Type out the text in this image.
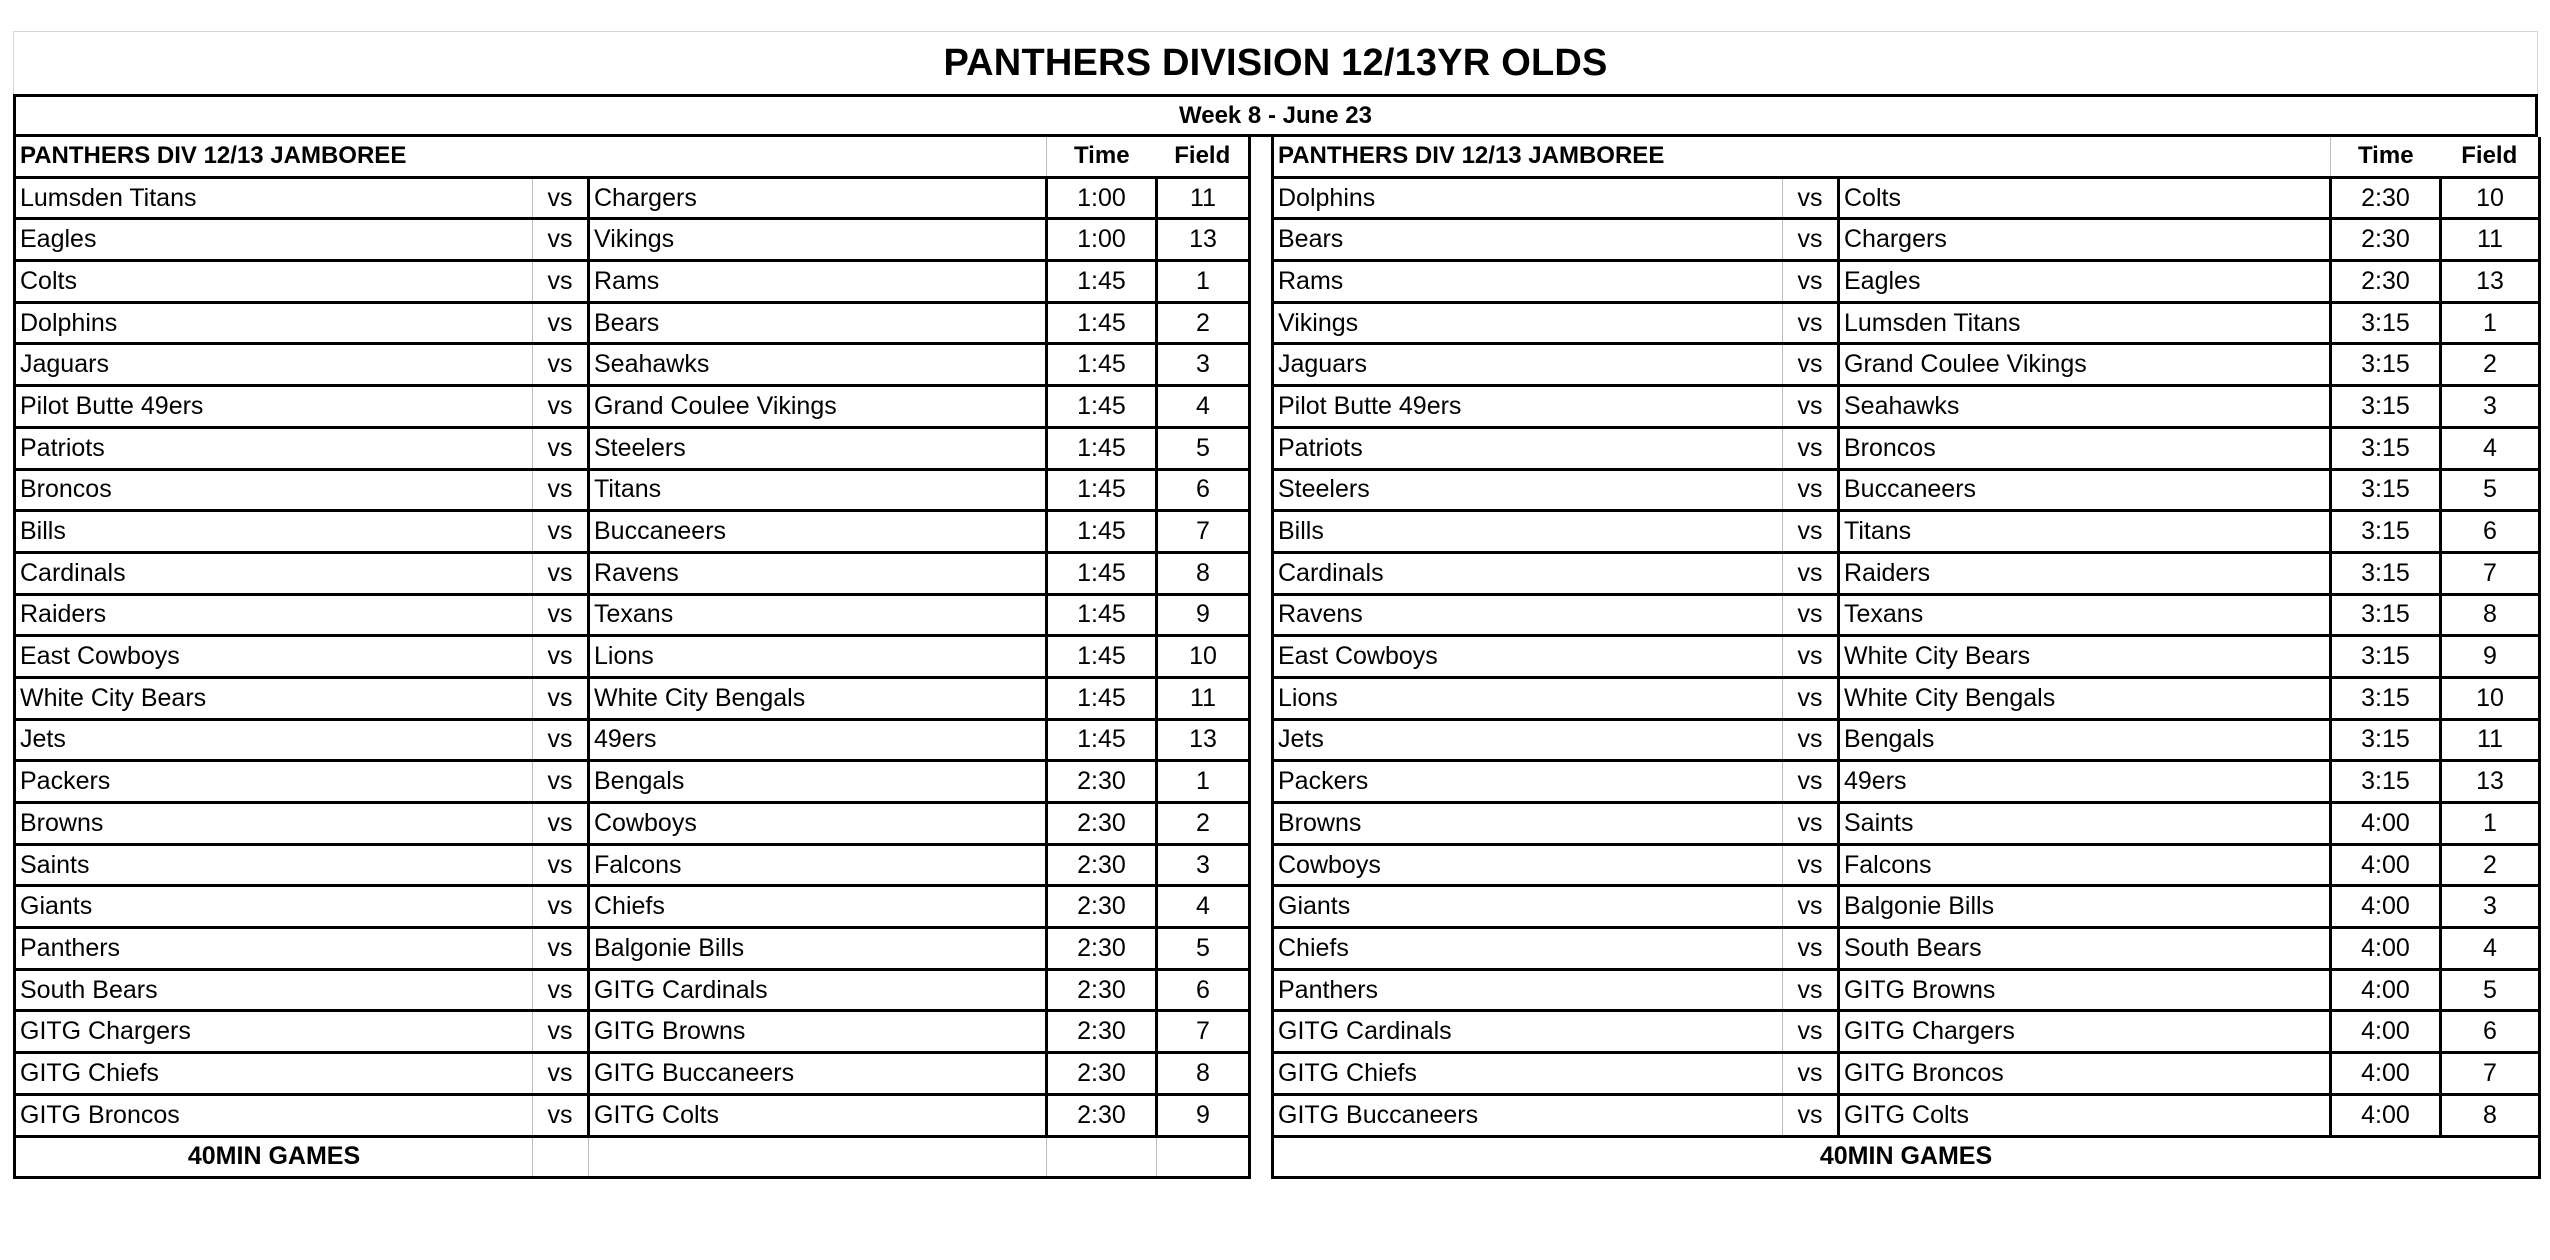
PANTHERS DIVISION 12/13YR OLDS
Week 8 - June 23
PANTHERS DIV 12/13 JAMBOREE			Time	Field
Lumsden Titans	vs	Chargers	1:00	11
Eagles	vs	Vikings	1:00	13
Colts	vs	Rams	1:45	1
Dolphins	vs	Bears	1:45	2
Jaguars	vs	Seahawks	1:45	3
Pilot Butte 49ers	vs	Grand Coulee Vikings	1:45	4
Patriots	vs	Steelers	1:45	5
Broncos	vs	Titans	1:45	6
Bills	vs	Buccaneers	1:45	7
Cardinals	vs	Ravens	1:45	8
Raiders	vs	Texans	1:45	9
East Cowboys	vs	Lions	1:45	10
White City Bears	vs	White City Bengals	1:45	11
Jets	vs	49ers	1:45	13
Packers	vs	Bengals	2:30	1
Browns	vs	Cowboys	2:30	2
Saints	vs	Falcons	2:30	3
Giants	vs	Chiefs	2:30	4
Panthers	vs	Balgonie Bills	2:30	5
South Bears	vs	GITG Cardinals	2:30	6
GITG Chargers	vs	GITG Browns	2:30	7
GITG Chiefs	vs	GITG Buccaneers	2:30	8
GITG Broncos	vs	GITG Colts	2:30	9
40MIN GAMES				
PANTHERS DIV 12/13 JAMBOREE			Time	Field
Dolphins	vs	Colts	2:30	10
Bears	vs	Chargers	2:30	11
Rams	vs	Eagles	2:30	13
Vikings	vs	Lumsden Titans	3:15	1
Jaguars	vs	Grand Coulee Vikings	3:15	2
Pilot Butte 49ers	vs	Seahawks	3:15	3
Patriots	vs	Broncos	3:15	4
Steelers	vs	Buccaneers	3:15	5
Bills	vs	Titans	3:15	6
Cardinals	vs	Raiders	3:15	7
Ravens	vs	Texans	3:15	8
East Cowboys	vs	White City Bears	3:15	9
Lions	vs	White City Bengals	3:15	10
Jets	vs	Bengals	3:15	11
Packers	vs	49ers	3:15	13
Browns	vs	Saints	4:00	1
Cowboys	vs	Falcons	4:00	2
Giants	vs	Balgonie Bills	4:00	3
Chiefs	vs	South Bears	4:00	4
Panthers	vs	GITG Browns	4:00	5
GITG Cardinals	vs	GITG Chargers	4:00	6
GITG Chiefs	vs	GITG Broncos	4:00	7
GITG Buccaneers	vs	GITG Colts	4:00	8
40MIN GAMES				
